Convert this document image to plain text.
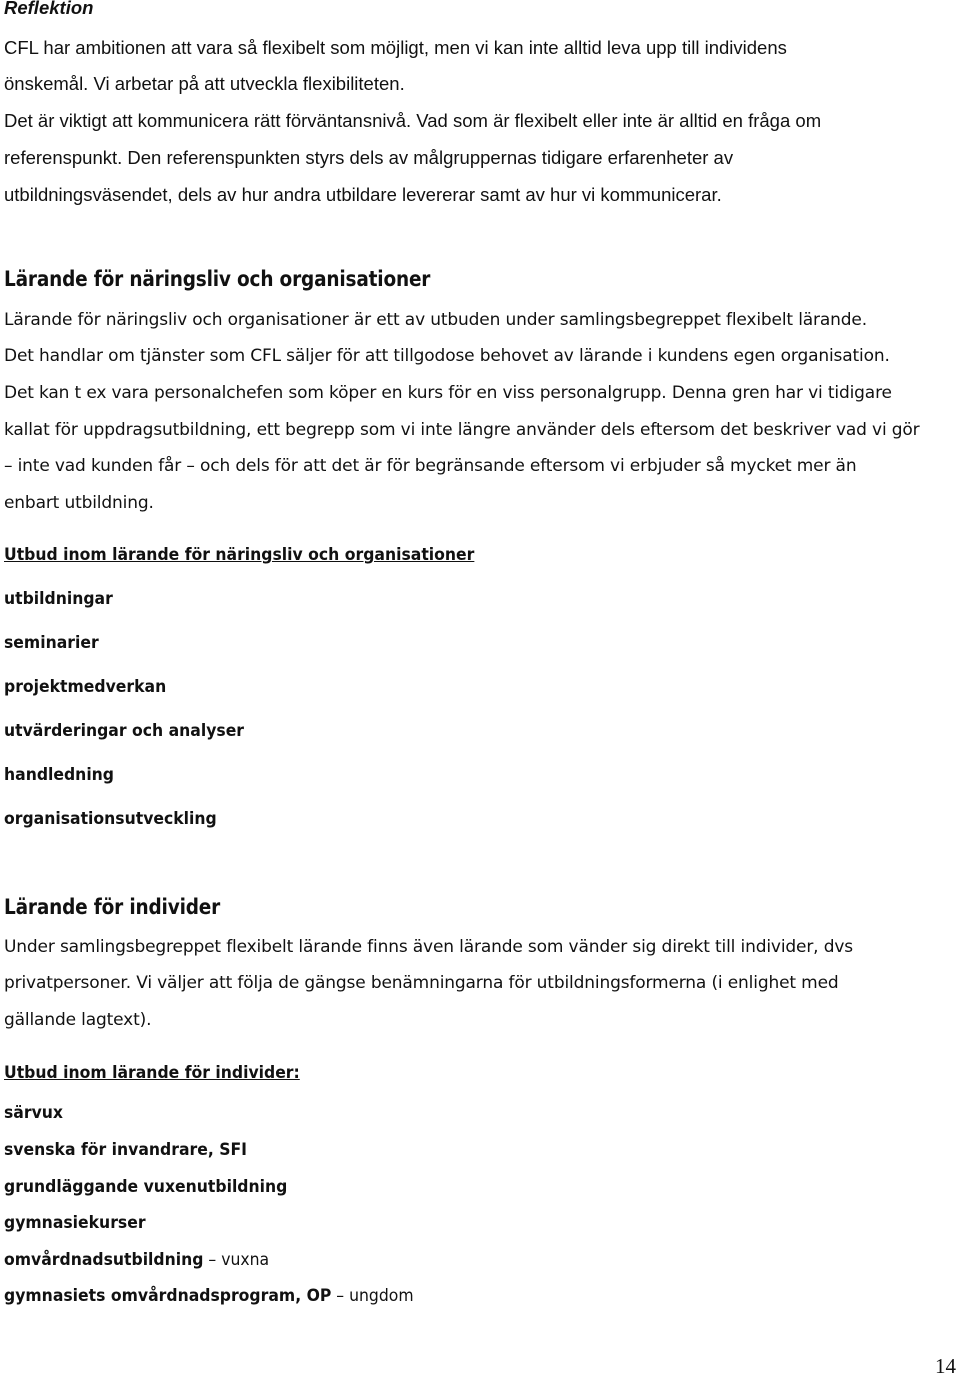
Reflektion
CFL har ambitionen att vara så flexibelt som möjligt, men vi kan inte alltid leva upp till individens
önskemål. Vi arbetar på att utveckla flexibiliteten.
Det är viktigt att kommunicera rätt förväntansnivå. Vad som är flexibelt eller inte är alltid en fråga om
referenspunkt. Den referenspunkten styrs dels av målgruppernas tidigare erfarenheter av
utbildningsväsendet, dels av hur andra utbildare levererar samt av hur vi kommunicerar.
Lärande för näringsliv och organisationer
Lärande för näringsliv och organisationer är ett av utbuden under samlingsbegreppet flexibelt lärande.
Det handlar om tjänster som CFL säljer för att tillgodose behovet av lärande i kundens egen organisation.
Det kan t ex vara personalchefen som köper en kurs för en viss personalgrupp. Denna gren har vi tidigare
kallat för uppdragsutbildning, ett begrepp som vi inte längre använder dels eftersom det beskriver vad vi gör
– inte vad kunden får – och dels för att det är för begränsande eftersom vi erbjuder så mycket mer än
enbart utbildning.
Utbud inom lärande för näringsliv och organisationer
utbildningar
seminarier
projektmedverkan
utvärderingar och analyser
handledning
organisationsutveckling
Lärande för individer
Under samlingsbegreppet flexibelt lärande finns även lärande som vänder sig direkt till individer, dvs
privatpersoner. Vi väljer att följa de gängse benämningarna för utbildningsformerna (i enlighet med
gällande lagtext).
Utbud inom lärande för individer:
särvux
svenska för invandrare, SFI
grundläggande vuxenutbildning
gymnasiekurser
omvårdnadsutbildning – vuxna
gymnasiets omvårdnadsprogram, OP – ungdom
14
